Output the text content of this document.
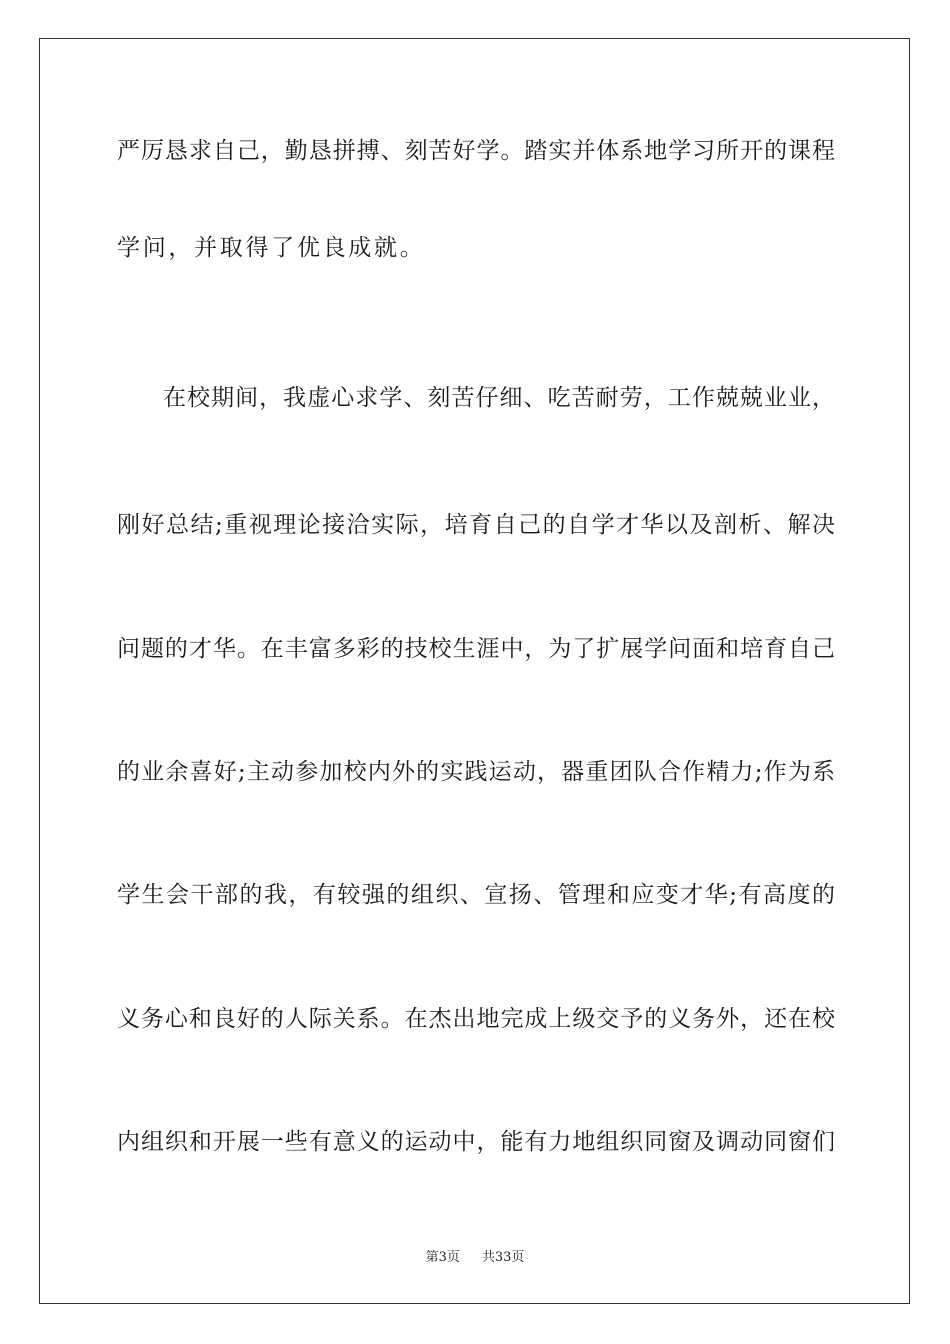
严厉恳求自己，勤恳拼搏、刻苦好学。踏实并体系地学习所开的课程
学问，并取得了优良成就。
在校期间，我虚心求学、刻苦仔细、吃苦耐劳，工作兢兢业业，
刚好总结;重视理论接洽实际，培育自己的自学才华以及剖析、解决
问题的才华。在丰富多彩的技校生涯中，为了扩展学问面和培育自己
的业余喜好;主动参加校内外的实践运动，器重团队合作精力;作为系
学生会干部的我，有较强的组织、宣扬、管理和应变才华;有高度的
义务心和良好的人际关系。在杰出地完成上级交予的义务外，还在校
内组织和开展一些有意义的运动中，能有力地组织同窗及调动同窗们
第3页 共33页
